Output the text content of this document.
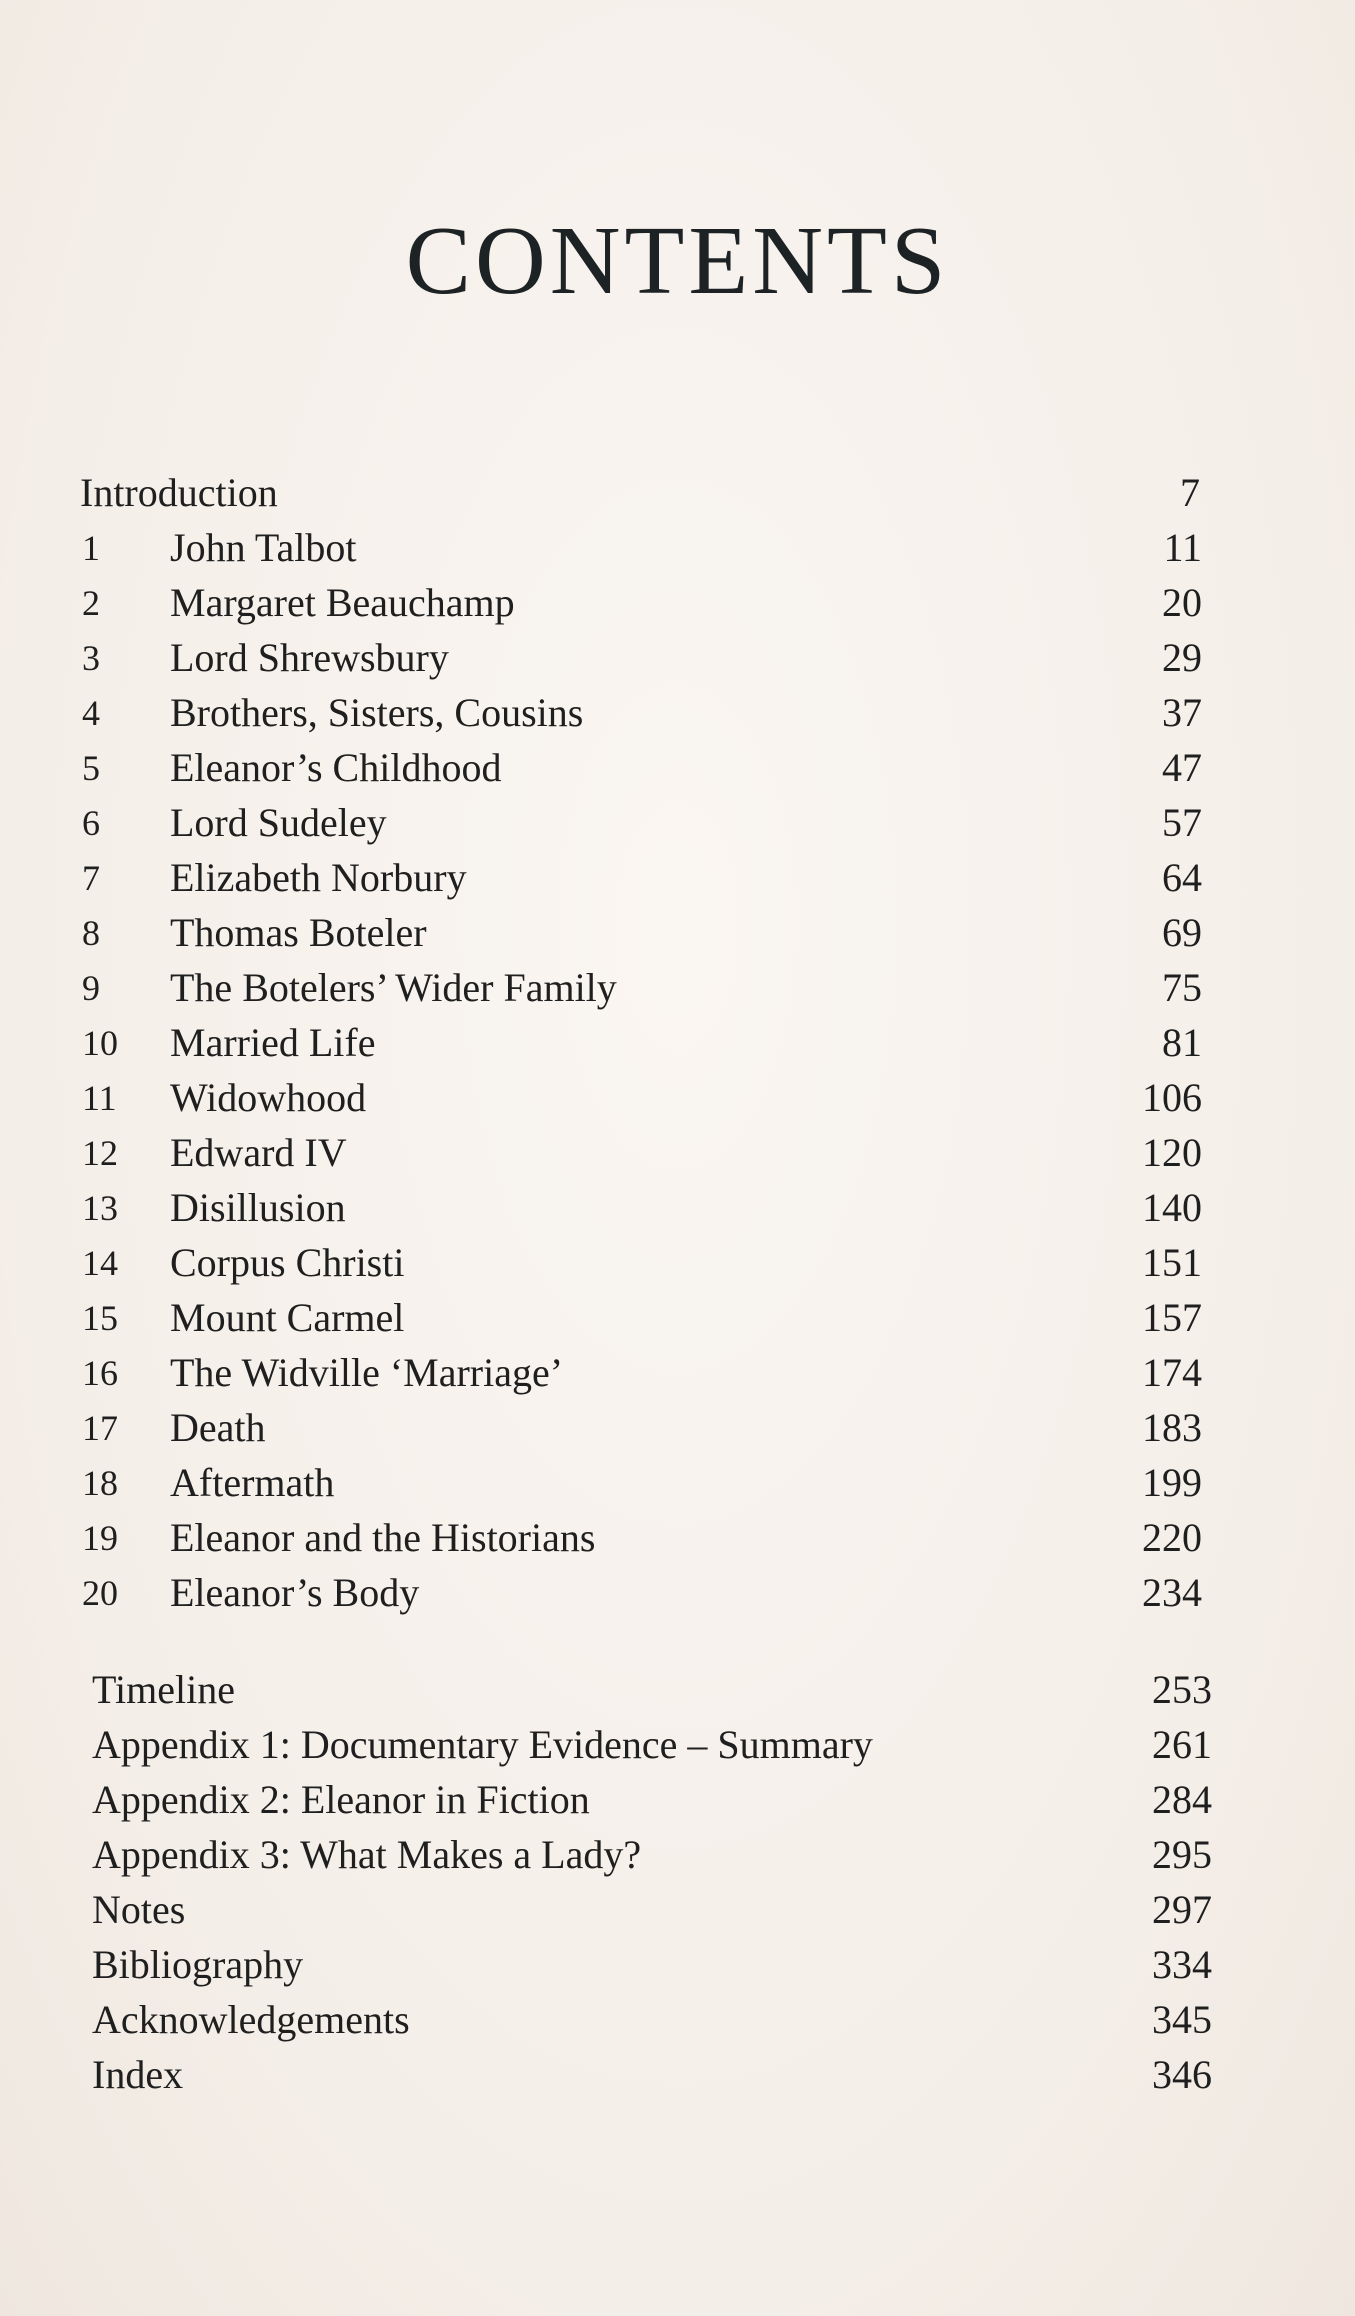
CONTENTS
Introduction	7
1 John Talbot	11
2 Margaret Beauchamp	20
3 Lord Shrewsbury	29
4 Brothers, Sisters, Cousins	37
5 Eleanor’s Childhood	47
6 Lord Sudeley	57
7 Elizabeth Norbury	64
8 Thomas Boteler	69
9 The Botelers’ Wider Family	75
10 Married Life	81
11 Widowhood	106
12 Edward IV	120
13 Disillusion	140
14 Corpus Christi	151
15 Mount Carmel	157
16 The Widville ‘Marriage’	174
17 Death	183
18 Aftermath	199
19 Eleanor and the Historians	220
20 Eleanor’s Body	234
Timeline	253
Appendix 1: Documentary Evidence – Summary	261
Appendix 2: Eleanor in Fiction	284
Appendix 3: What Makes a Lady?	295
Notes	297
Bibliography	334
Acknowledgements	345
Index	346
